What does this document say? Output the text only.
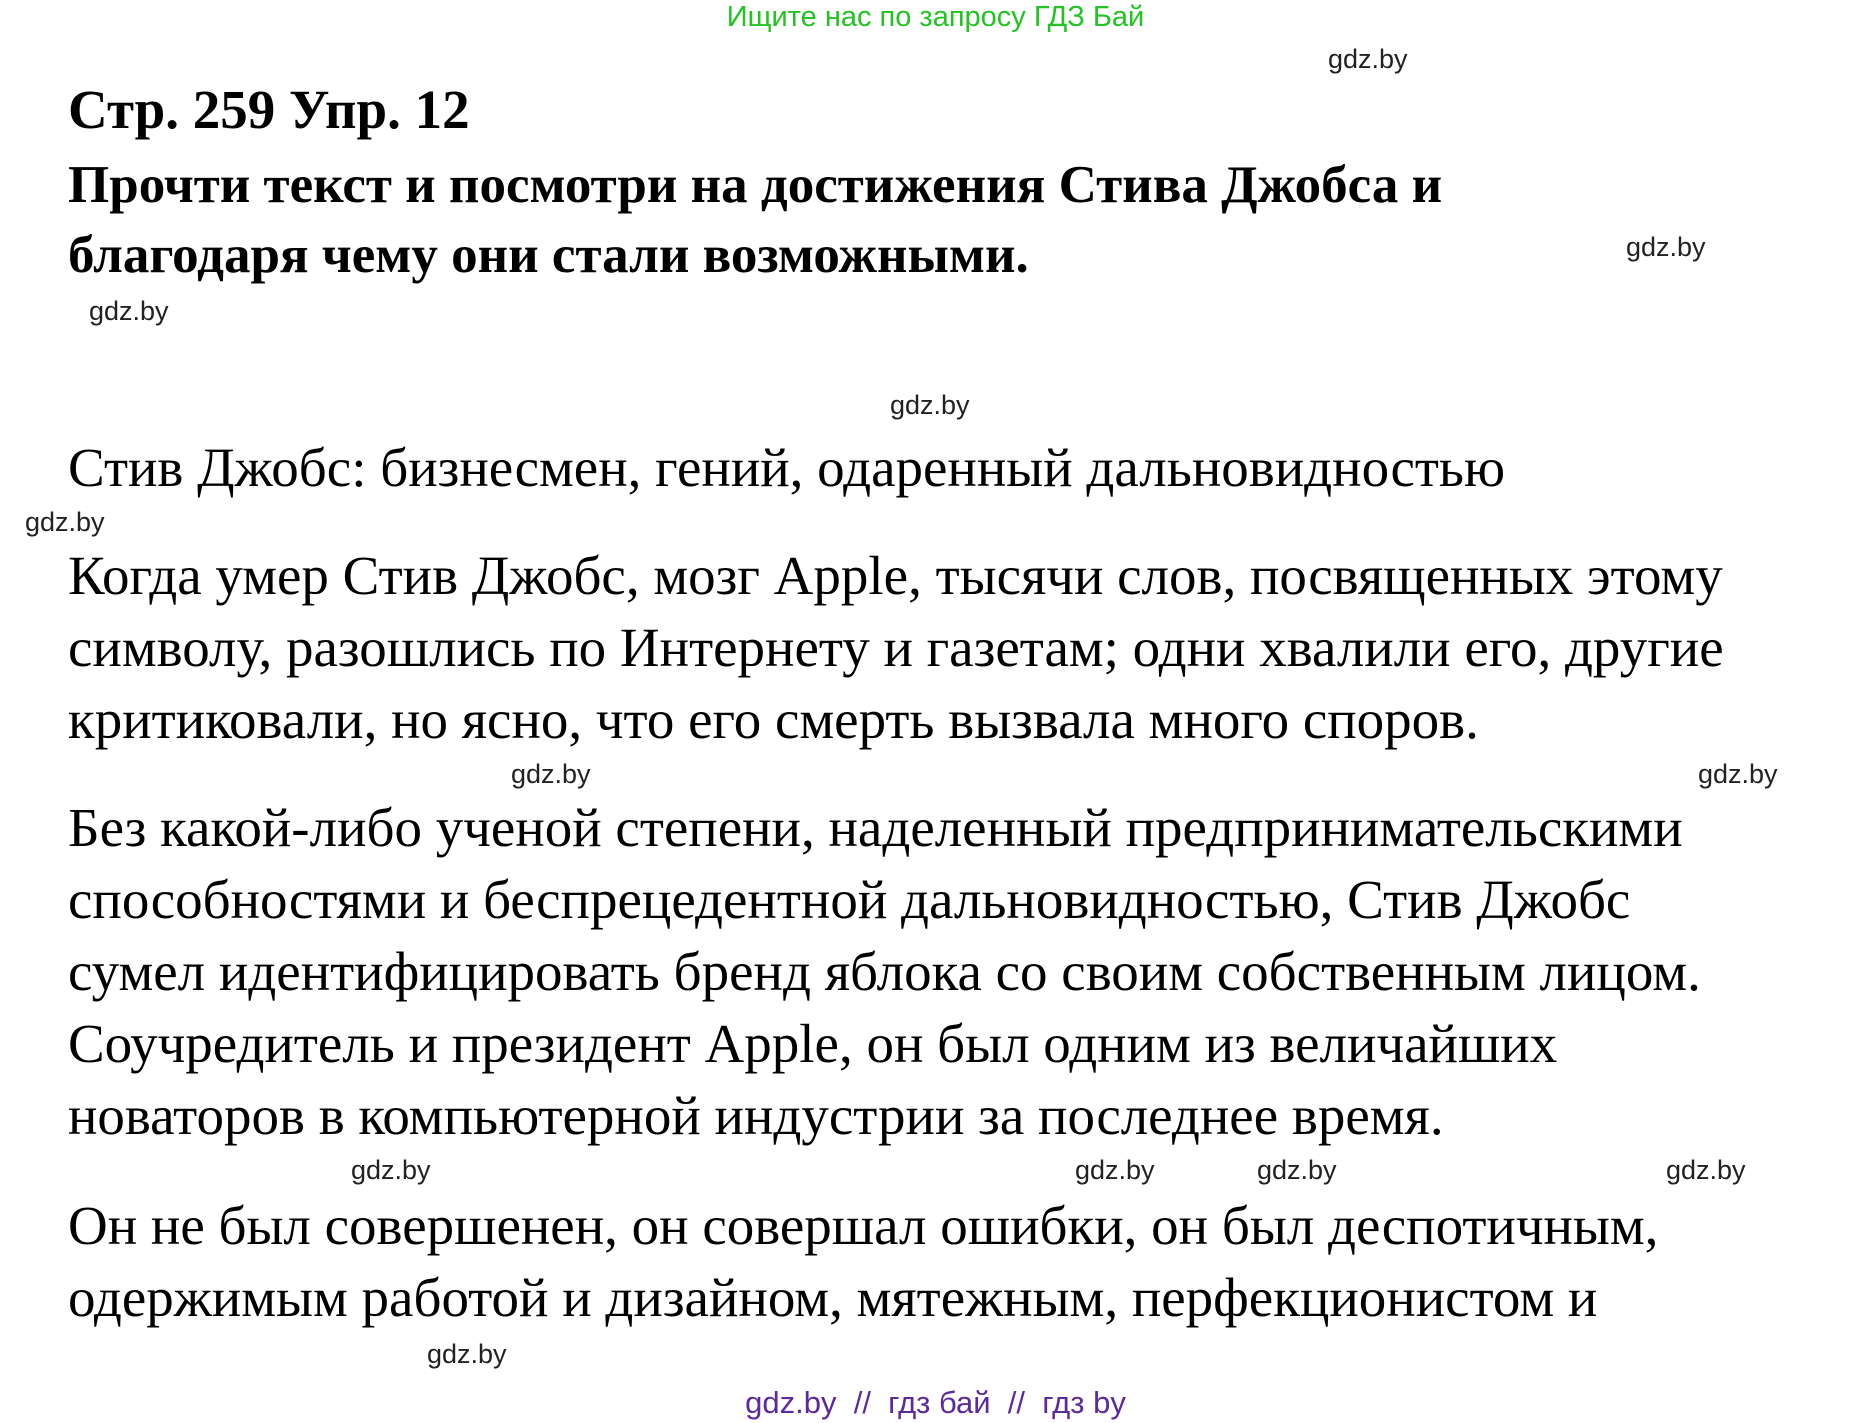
Ищите нас по запросу ГДЗ Бай
Стр. 259 Упр. 12
Прочти текст и посмотри на достижения Стива Джобса и
благодаря чему они стали возможными.
Стив Джобс: бизнесмен, гений, одаренный дальновидностью
Когда умер Стив Джобс, мозг Apple, тысячи слов, посвященных этому
символу, разошлись по Интернету и газетам; одни хвалили его, другие
критиковали, но ясно, что его смерть вызвала много споров.
Без какой-либо ученой степени, наделенный предпринимательскими
способностями и беспрецедентной дальновидностью, Стив Джобс
сумел идентифицировать бренд яблока со своим собственным лицом.
Соучредитель и президент Apple, он был одним из величайших
новаторов в компьютерной индустрии за последнее время.
Он не был совершенен, он совершал ошибки, он был деспотичным,
одержимым работой и дизайном, мятежным, перфекционистом и
gdz.by
gdz.by
gdz.by
gdz.by
gdz.by
gdz.by
gdz.by
gdz.by
gdz.by	gdz.by
gdz.by
gdz.by
gdz.by  //  гдз бай  //  гдз by
